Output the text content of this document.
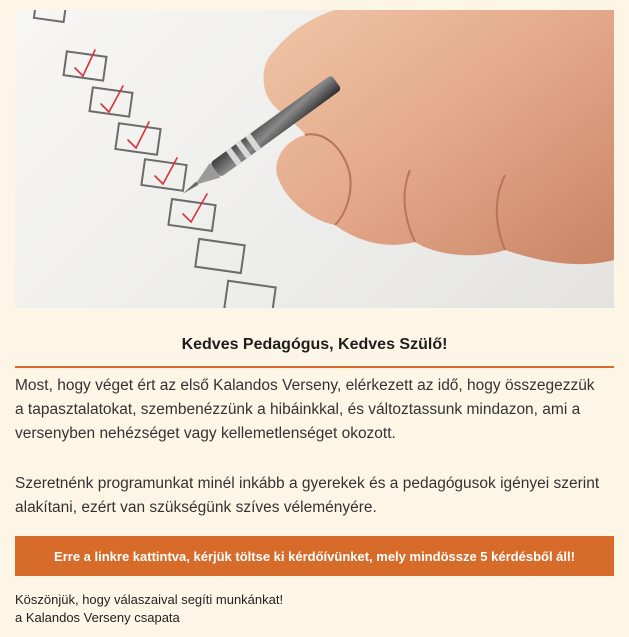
Kedves Pedagógus, Kedves Szülő!

Most, hogy véget ért az első Kalandos Verseny, elérkezett az idő, hogy összegezzük a tapasztalatokat, szembenézzünk a hibáinkkal, és változtassunk mindazon, ami a versenyben nehézséget vagy kellemetlenséget okozott.

Szeretnénk programunkat minél inkább a gyerekek és a pedagógusok igényei szerint alakítani, ezért van szükségünk szíves véleményére.

Erre a linkre kattintva, kérjük töltse ki kérdőívünket, mely mindössze 5 kérdésből áll!
Köszönjük, hogy válaszaival segíti munkánkat!
a Kalandos Verseny csapata
